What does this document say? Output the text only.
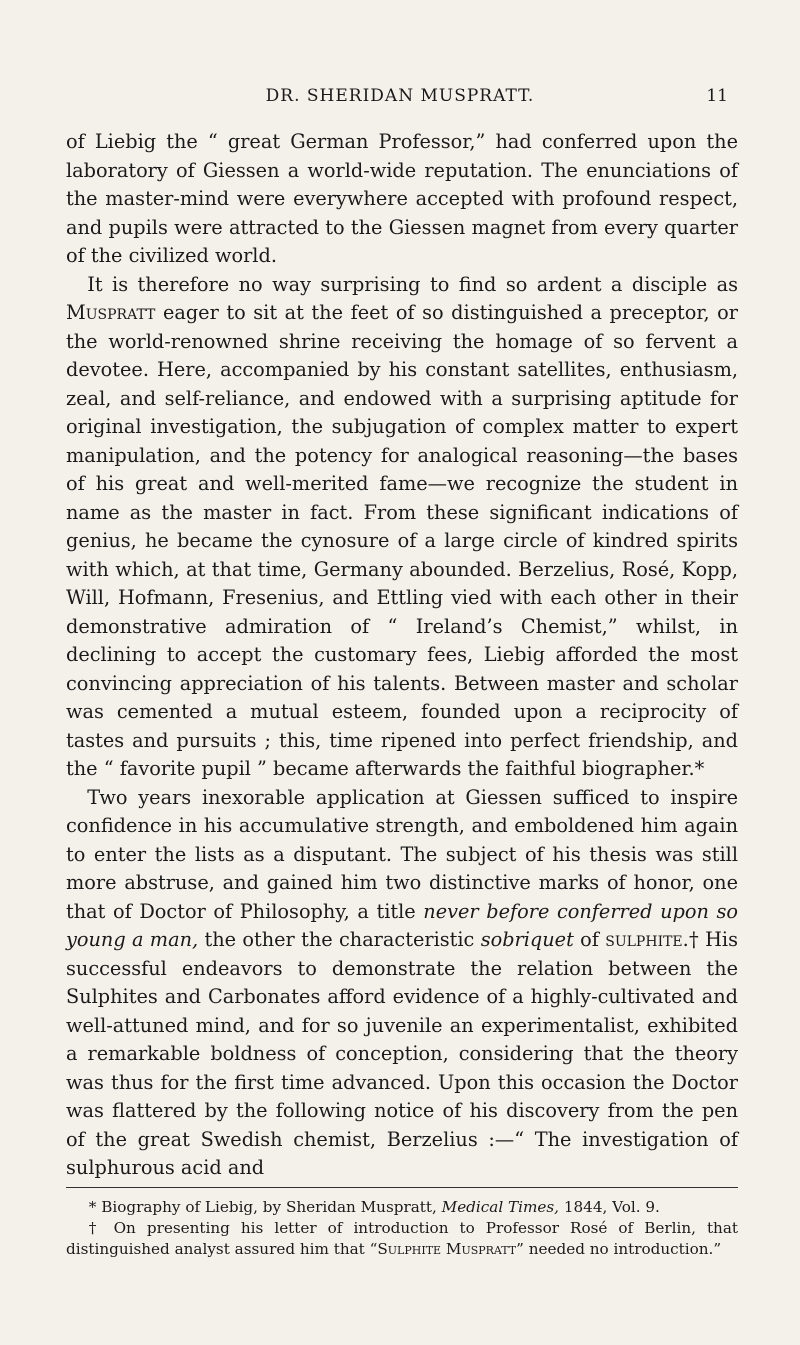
DR. SHERIDAN MUSPRATT.	11

of Liebig the “ great German Professor,” had conferred upon the laboratory of Giessen a world-wide reputation. The enunciations of the master-mind were everywhere accepted with profound respect, and pupils were attracted to the Giessen magnet from every quarter of the civilized world.

It is therefore no way surprising to find so ardent a disciple as Muspratt eager to sit at the feet of so distinguished a preceptor, or the world-renowned shrine receiving the homage of so fervent a devotee. Here, accompanied by his constant satellites, enthusiasm, zeal, and self-reliance, and endowed with a surprising aptitude for original investigation, the subjugation of complex matter to expert manipulation, and the potency for analogical reasoning—the bases of his great and well-merited fame—we recognize the student in name as the master in fact. From these significant indications of genius, he became the cynosure of a large circle of kindred spirits with which, at that time, Germany abounded. Berzelius, Rosé, Kopp, Will, Hofmann, Fresenius, and Ettling vied with each other in their demonstrative admiration of “ Ireland’s Chemist,” whilst, in declining to accept the customary fees, Liebig afforded the most convincing appreciation of his talents. Between master and scholar was cemented a mutual esteem, founded upon a reciprocity of tastes and pursuits ; this, time ripened into perfect friendship, and the “ favorite pupil ” became afterwards the faithful biographer.*

Two years inexorable application at Giessen sufficed to inspire confidence in his accumulative strength, and emboldened him again to enter the lists as a disputant. The subject of his thesis was still more abstruse, and gained him two distinctive marks of honor, one that of Doctor of Philosophy, a title never before conferred upon so young a man, the other the characteristic sobriquet of sulphite.† His successful endeavors to demonstrate the relation between the Sulphites and Carbonates afford evidence of a highly-cultivated and well-attuned mind, and for so juvenile an experimentalist, exhibited a remarkable boldness of conception, considering that the theory was thus for the first time advanced. Upon this occasion the Doctor was flattered by the following notice of his discovery from the pen of the great Swedish chemist, Berzelius :—“ The investigation of sulphurous acid and

* Biography of Liebig, by Sheridan Muspratt, Medical Times, 1844, Vol. 9.

† On presenting his letter of introduction to Professor Rosé of Berlin, that distinguished analyst assured him that “Sulphite Muspratt” needed no introduction.”
